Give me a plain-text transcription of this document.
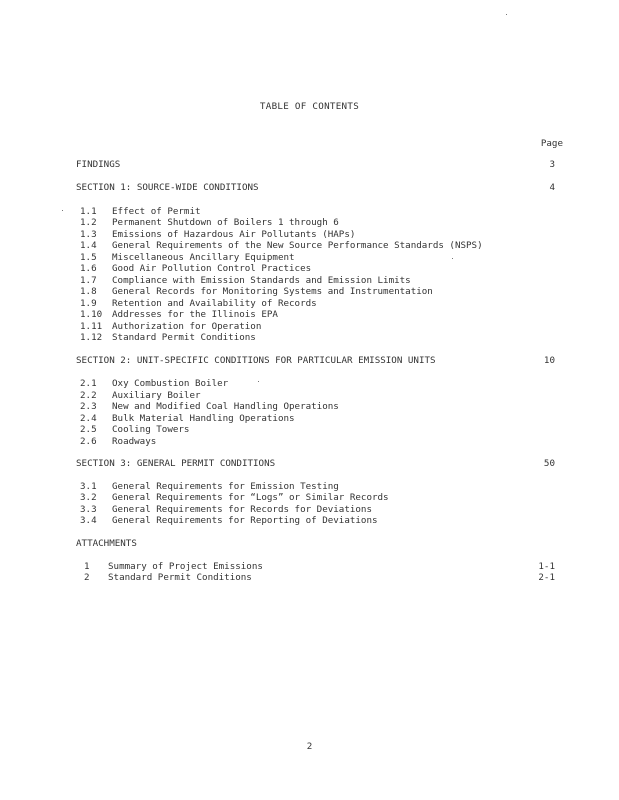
TABLE OF CONTENTS
Page
FINDINGS	3
SECTION 1: SOURCE-WIDE CONDITIONS	4
1.1	Effect of Permit
1.2	Permanent Shutdown of Boilers 1 through 6
1.3	Emissions of Hazardous Air Pollutants (HAPs)
1.4	General Requirements of the New Source Performance Standards (NSPS)
1.5	Miscellaneous Ancillary Equipment
1.6	Good Air Pollution Control Practices
1.7	Compliance with Emission Standards and Emission Limits
1.8	General Records for Monitoring Systems and Instrumentation
1.9	Retention and Availability of Records
1.10	Addresses for the Illinois EPA
1.11	Authorization for Operation
1.12	Standard Permit Conditions
SECTION 2: UNIT-SPECIFIC CONDITIONS FOR PARTICULAR EMISSION UNITS	10
2.1	Oxy Combustion Boiler
2.2	Auxiliary Boiler
2.3	New and Modified Coal Handling Operations
2.4	Bulk Material Handling Operations
2.5	Cooling Towers
2.6	Roadways
SECTION 3: GENERAL PERMIT CONDITIONS	50
3.1	General Requirements for Emission Testing
3.2	General Requirements for “Logs” or Similar Records
3.3	General Requirements for Records for Deviations
3.4	General Requirements for Reporting of Deviations
ATTACHMENTS
1	Summary of Project Emissions	1-1
2	Standard Permit Conditions	2-1
2
